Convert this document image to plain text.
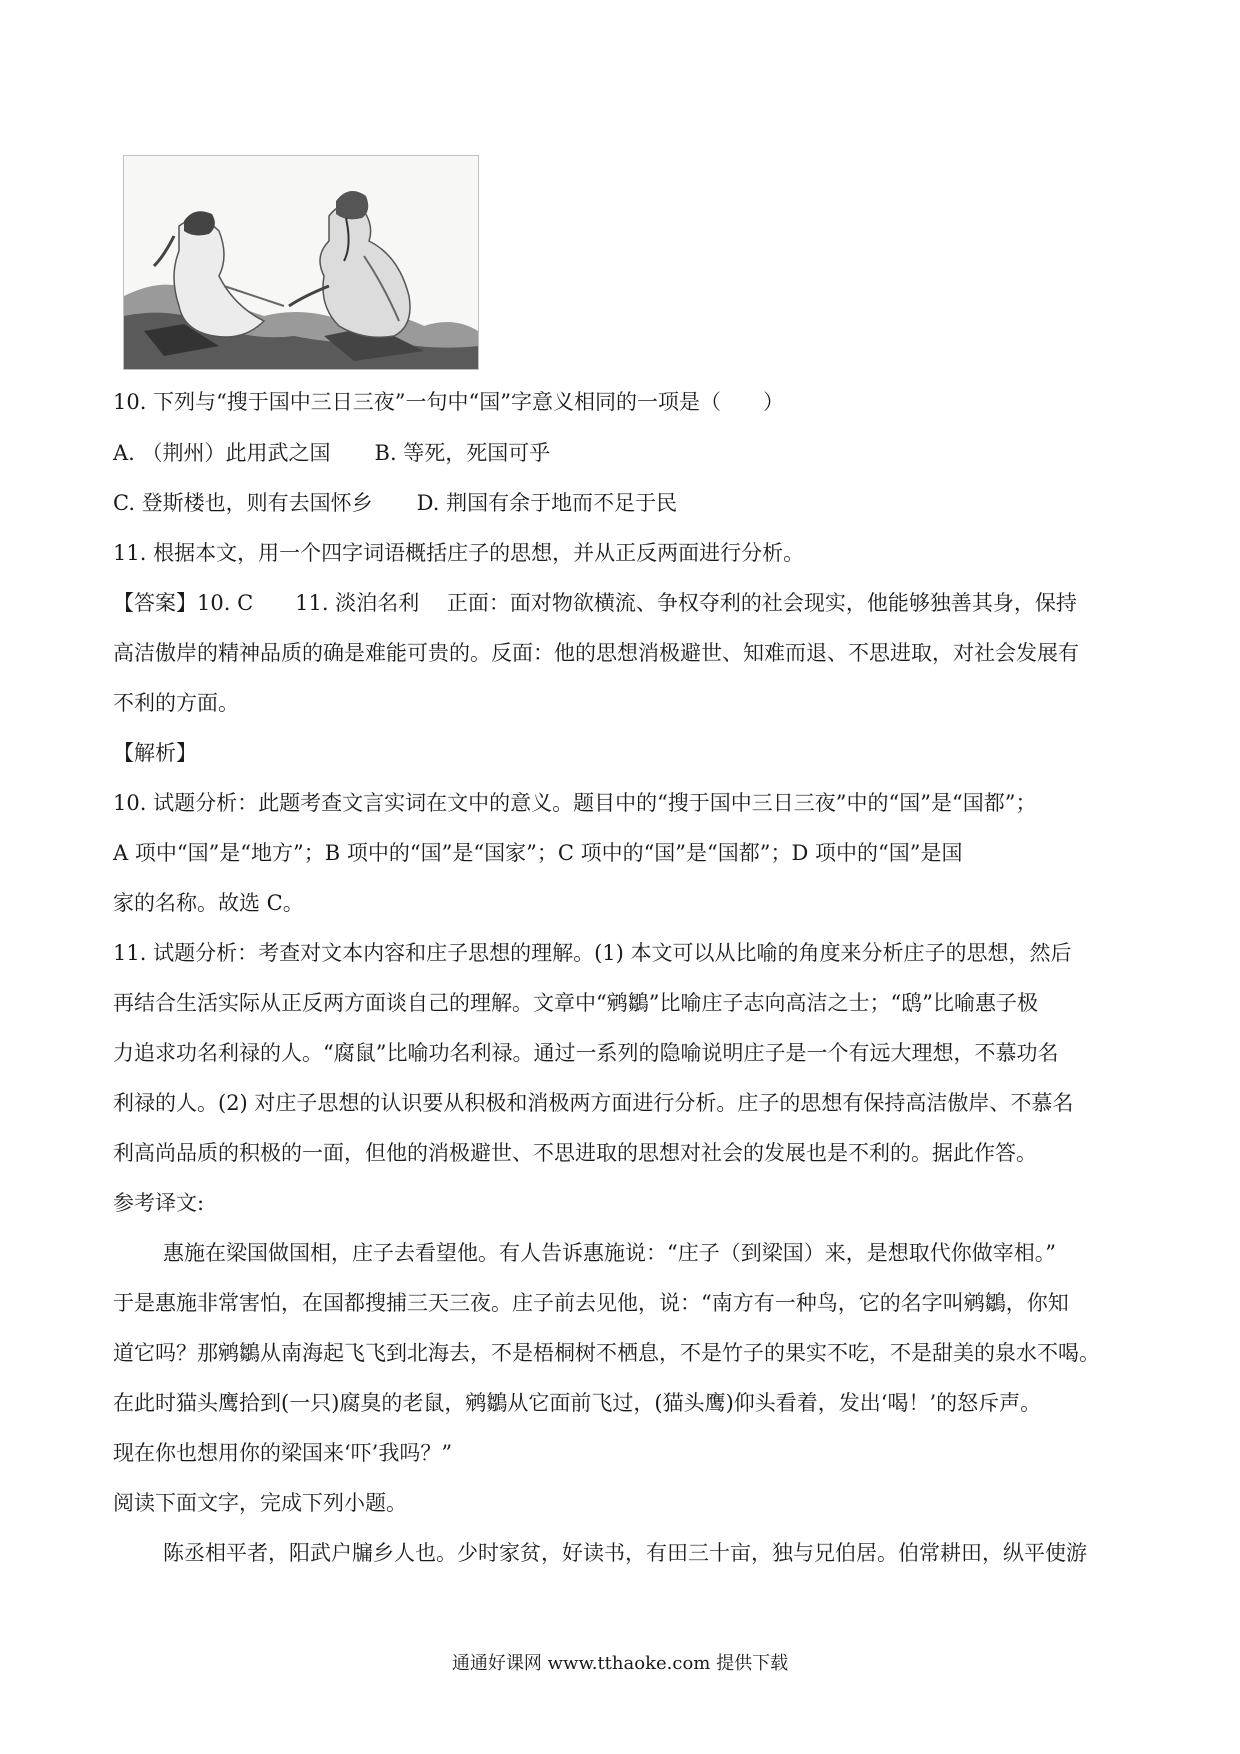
10. 下列与“搜于国中三日三夜”一句中“国”字意义相同的一项是（　　）
A. （荆州）此用武之国 B. 等死，死国可乎
C. 登斯楼也，则有去国怀乡 D. 荆国有余于地而不足于民
11. 根据本文，用一个四字词语概括庄子的思想，并从正反两面进行分析。
【答案】10. C　　11. 淡泊名利　 正面：面对物欲横流、争权夺利的社会现实，他能够独善其身，保持
高洁傲岸的精神品质的确是难能可贵的。反面：他的思想消极避世、知难而退、不思进取，对社会发展有
不利的方面。
【解析】
10. 试题分析：此题考查文言实词在文中的意义。题目中的“搜于国中三日三夜”中的“国”是“国都”；
A 项中“国”是“地方”；B 项中的“国”是“国家”；C 项中的“国”是“国都”；D 项中的“国”是国
家的名称。故选 C。
11. 试题分析：考查对文本内容和庄子思想的理解。(1) 本文可以从比喻的角度来分析庄子的思想，然后
再结合生活实际从正反两方面谈自己的理解。文章中“鹓鶵”比喻庄子志向高洁之士；“鸱”比喻惠子极
力追求功名利禄的人。“腐鼠”比喻功名利禄。通过一系列的隐喻说明庄子是一个有远大理想，不慕功名
利禄的人。(2) 对庄子思想的认识要从积极和消极两方面进行分析。庄子的思想有保持高洁傲岸、不慕名
利高尚品质的积极的一面，但他的消极避世、不思进取的思想对社会的发展也是不利的。据此作答。
参考译文:
惠施在梁国做国相，庄子去看望他。有人告诉惠施说：“庄子（到梁国）来，是想取代你做宰相。”
于是惠施非常害怕，在国都搜捕三天三夜。庄子前去见他，说：“南方有一种鸟，它的名字叫鹓鶵，你知
道它吗？那鹓鶵从南海起飞飞到北海去，不是梧桐树不栖息，不是竹子的果实不吃，不是甜美的泉水不喝。
在此时猫头鹰拾到(一只)腐臭的老鼠，鹓鶵从它面前飞过，(猫头鹰)仰头看着，发出‘喝！’的怒斥声。
现在你也想用你的梁国来‘吓’我吗？”
阅读下面文字，完成下列小题。
陈丞相平者，阳武户牖乡人也。少时家贫，好读书，有田三十亩，独与兄伯居。伯常耕田，纵平使游
通通好课网 www.tthaoke.com 提供下载
